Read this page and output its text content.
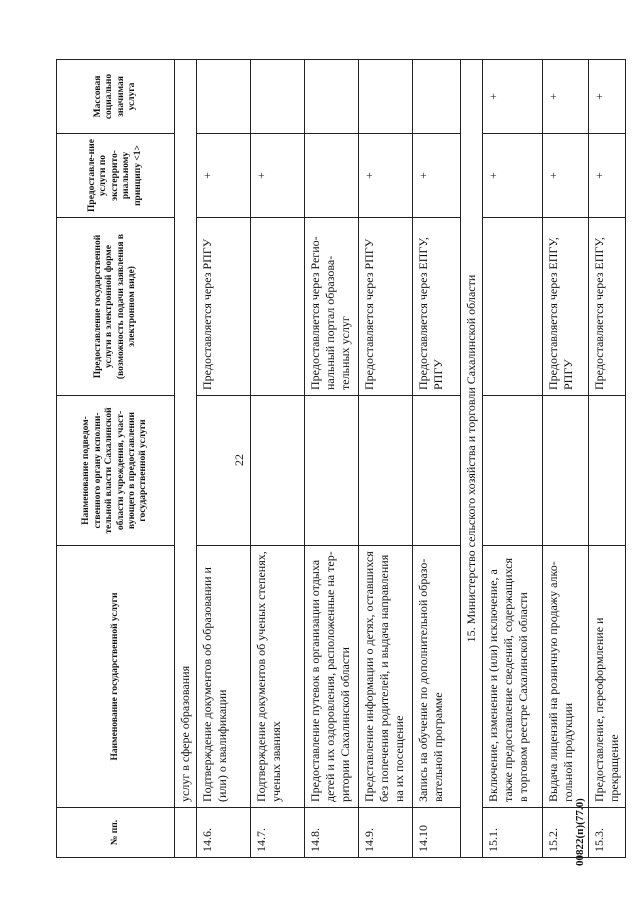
22
00822(п)(77.0)
№ пп.	Наименование государственной услуги	Наименование подведом-ственного органу исполни-тельной власти Сахалинской области учреждения, участ-вующего в предоставлении государственной услуги	Предоставление государственной услуги в электронной форме (возможность подачи заявления в электронном виде)	Предоставле-ние услуги по экстеррито-риальному принципу <1>	Массовая социально значимая услуга
	услуг в сфере образования				
14.6.	Подтверждение документов об образовании и (или) о квалификации		Предоставляется через РПГУ	+	
14.7.	Подтверждение документов об ученых степенях, ученых званиях			+	
14.8.	Предоставление путевок в организации отдыха детей и их оздоровления, расположенные на тер-ритории Сахалинской области		Предоставляется через Регио-нальный портал образова-тельных услуг		
14.9.	Представление информации о детях, оставшихся без попечения родителей, и выдача направления на их посещение		Предоставляется через РПГУ	+	
14.10	Запись на обучение по дополнительной образо-вательной программе		Предоставляется через ЕПГУ, РПГУ	+	
15. Министерство сельского хозяйства и торговли Сахалинской области					
15.1.	Включение, изменение и (или) исключение, а также предоставление сведений, содержащихся в торговом реестре Сахалинской области			+	+
15.2.	Выдача лицензий на розничную продажу алко-гольной продукции		Предоставляется через ЕПГУ, РПГУ	+	+
15.3.	Предоставление, переоформление и прекращение		Предоставляется через ЕПГУ,	+	+
